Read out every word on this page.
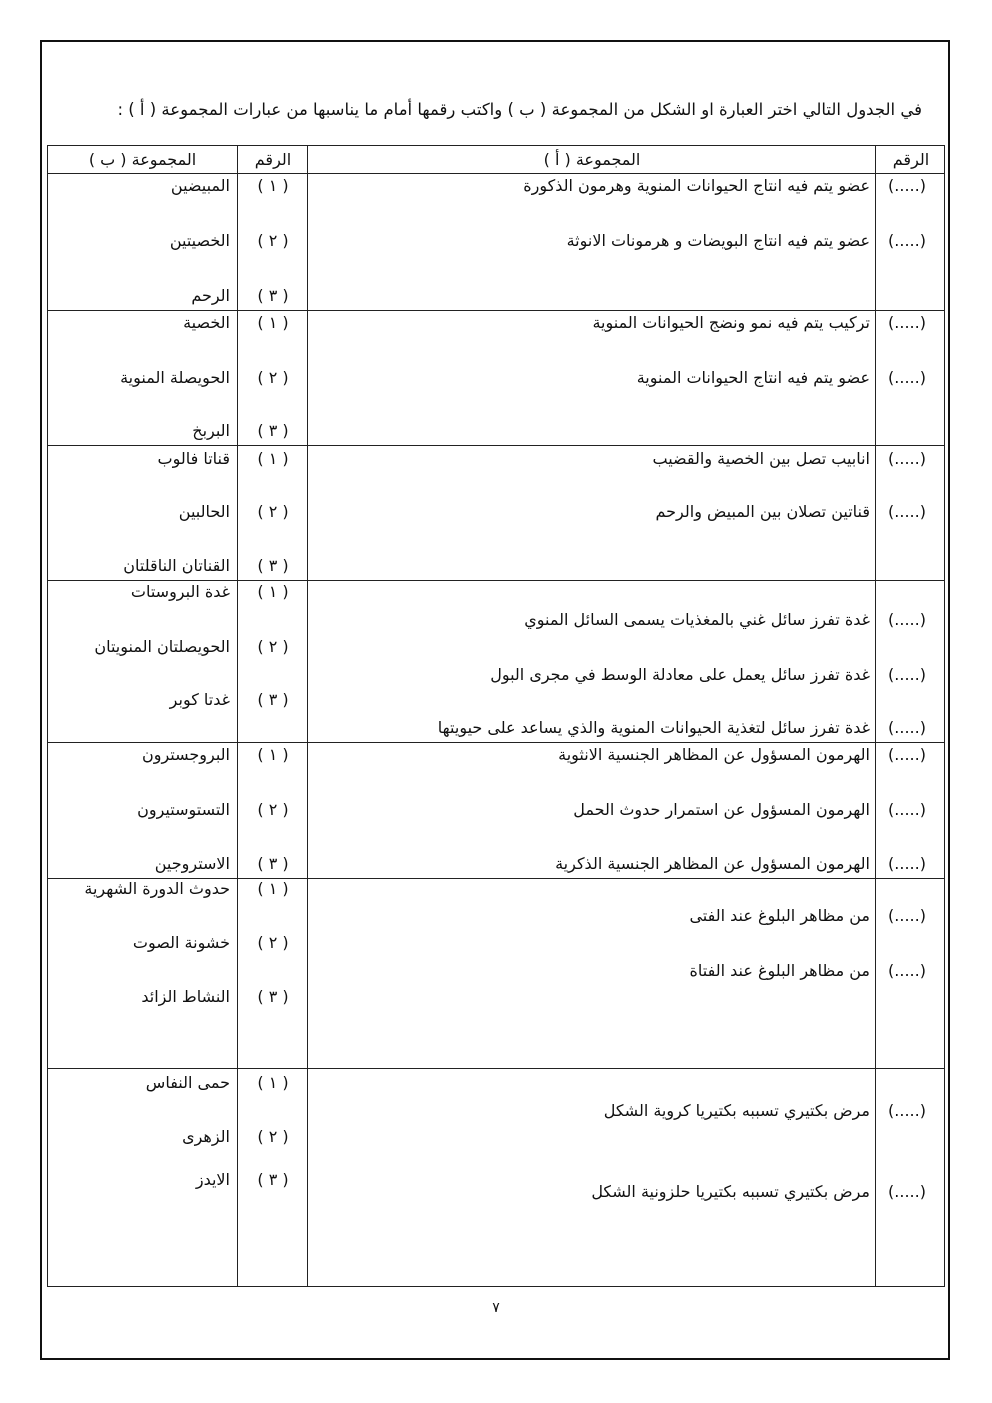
في الجدول التالي اختر العبارة او الشكل من المجموعة ( ب ) واكتب رقمها أمام ما يناسبها من عبارات المجموعة ( أ ) :
الرقم
المجموعة ( أ )
الرقم
المجموعة ( ب )
(.....)
عضو يتم فيه انتاج الحيوانات المنوية وهرمون الذكورة
(.....)
عضو يتم فيه انتاج البويضات و هرمونات الانوثة
( ١ )
المبيضين
( ٢ )
الخصيتين
( ٣ )
الرحم
(.....)
تركيب يتم فيه نمو ونضج الحيوانات المنوية
(.....)
عضو يتم فيه انتاج الحيوانات المنوية
( ١ )
الخصية
( ٢ )
الحويصلة المنوية
( ٣ )
البربخ
(.....)
انابيب تصل بين الخصية والقضيب
(.....)
قناتين تصلان بين المبيض والرحم
( ١ )
قناتا فالوب
( ٢ )
الحالبين
( ٣ )
القناتان الناقلتان
(.....)
غدة تفرز سائل غني بالمغذيات يسمى السائل المنوي
(.....)
غدة تفرز سائل يعمل على معادلة الوسط في مجرى البول
(.....)
غدة تفرز سائل لتغذية الحيوانات المنوية والذي يساعد على حيويتها
( ١ )
غدة البروستات
( ٢ )
الحويصلتان المنويتان
( ٣ )
غدتا كوبر
(.....)
الهرمون المسؤول عن المظاهر الجنسية الانثوية
(.....)
الهرمون المسؤول عن استمرار حدوث الحمل
(.....)
الهرمون المسؤول عن المظاهر الجنسية الذكرية
( ١ )
البروجسترون
( ٢ )
التستوستيرون
( ٣ )
الاستروجين
(.....)
من مظاهر البلوغ عند الفتى
(.....)
من مظاهر البلوغ عند الفتاة
( ١ )
حدوث الدورة الشهرية
( ٢ )
خشونة الصوت
( ٣ )
النشاط الزائد
(.....)
مرض بكتيري تسببه بكتيريا كروية الشكل
(.....)
مرض بكتيري تسببه بكتيريا حلزونية الشكل
( ١ )
حمى النفاس
( ٢ )
الزهرى
( ٣ )
الايدز
٧
